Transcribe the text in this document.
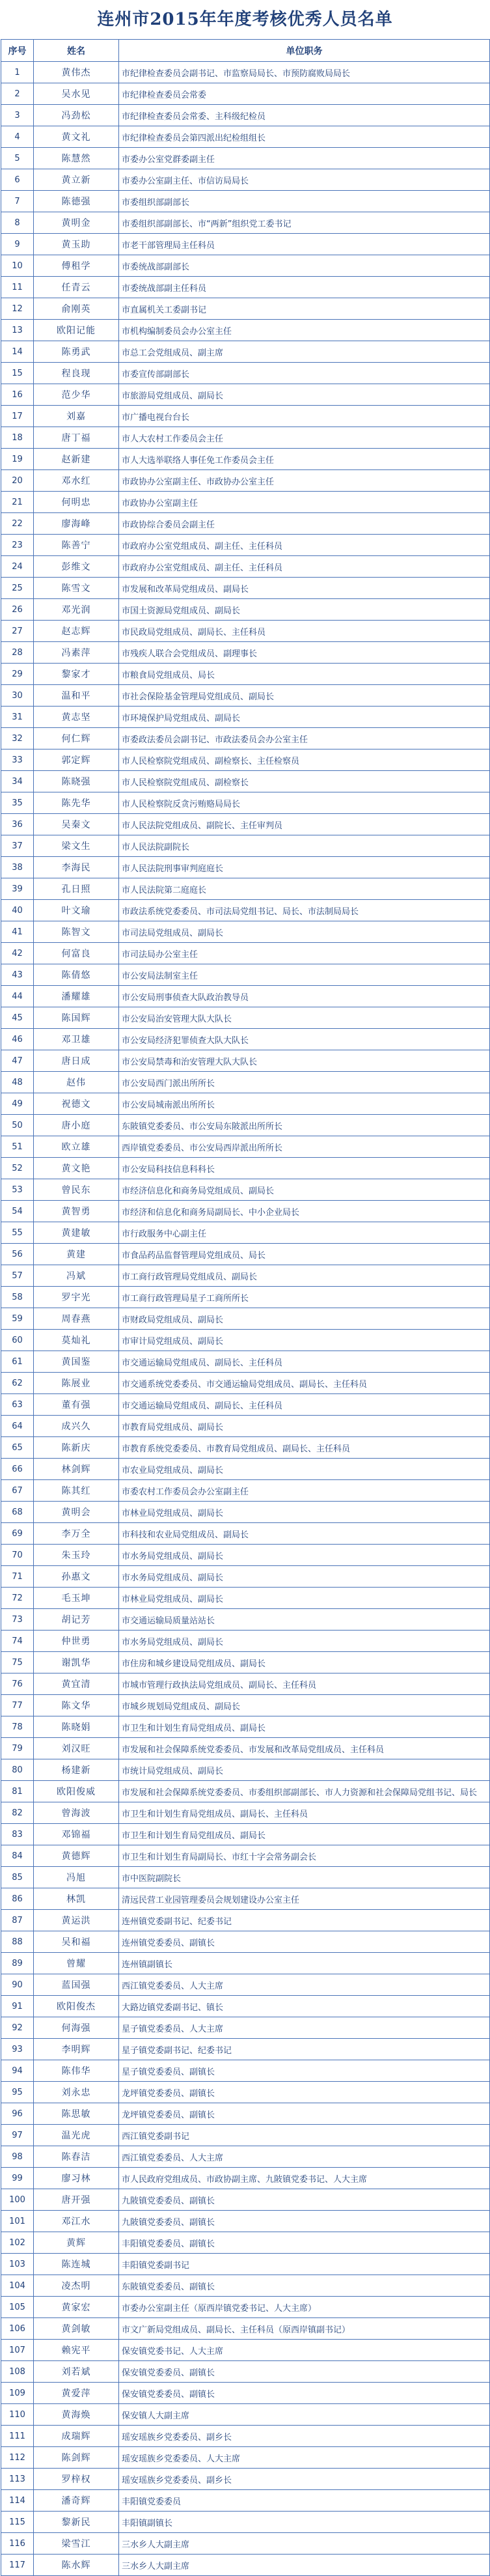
连州市2015年年度考核优秀人员名单
序号	姓名	单位职务
1	黄伟杰	市纪律检查委员会副书记、市监察局局长、市预防腐败局局长
2	吴水见	市纪律检查委员会常委
3	冯劲松	市纪律检查委员会常委、主科级纪检员
4	黄文礼	市纪律检查委员会第四派出纪检组组长
5	陈慧然	市委办公室党群委副主任
6	黄立新	市委办公室副主任、市信访局局长
7	陈德强	市委组织部副部长
8	黄明金	市委组织部副部长、市“两新”组织党工委书记
9	黄玉助	市老干部管理局主任科员
10	傅租学	市委统战部副部长
11	任青云	市委统战部副主任科员
12	俞刚英	市直属机关工委副书记
13	欧阳记能	市机构编制委员会办公室主任
14	陈勇武	市总工会党组成员、副主席
15	程良现	市委宣传部副部长
16	范少华	市旅游局党组成员、副局长
17	刘嘉	市广播电视台台长
18	唐丁福	市人大农村工作委员会主任
19	赵新建	市人大选举联络人事任免工作委员会主任
20	邓水红	市政协办公室副主任、市政协办公室主任
21	何明忠	市政协办公室副主任
22	廖海峰	市政协综合委员会副主任
23	陈善宁	市政府办公室党组成员、副主任、主任科员
24	彭维文	市政府办公室党组成员、副主任、主任科员
25	陈雪文	市发展和改革局党组成员、副局长
26	邓光润	市国土资源局党组成员、副局长
27	赵志辉	市民政局党组成员、副局长、主任科员
28	冯素萍	市残疾人联合会党组成员、副理事长
29	黎家才	市粮食局党组成员、局长
30	温和平	市社会保险基金管理局党组成员、副局长
31	黄志坚	市环境保护局党组成员、副局长
32	何仁辉	市委政法委员会副书记、市政法委员会办公室主任
33	郭定辉	市人民检察院党组成员、副检察长、主任检察员
34	陈晓强	市人民检察院党组成员、副检察长
35	陈先华	市人民检察院反贪污贿赂局局长
36	吴秦文	市人民法院党组成员、副院长、主任审判员
37	梁文生	市人民法院副院长
38	李海民	市人民法院刑事审判庭庭长
39	孔日照	市人民法院第二庭庭长
40	叶文瑜	市政法系统党委委员、市司法局党组书记、局长、市法制局局长
41	陈智文	市司法局党组成员、副局长
42	何富良	市司法局办公室主任
43	陈倩悠	市公安局法制室主任
44	潘耀雄	市公安局刑事侦查大队政治教导员
45	陈国辉	市公安局治安管理大队大队长
46	邓卫雄	市公安局经济犯罪侦查大队大队长
47	唐日成	市公安局禁毒和治安管理大队大队长
48	赵伟	市公安局西门派出所所长
49	祝德文	市公安局城南派出所所长
50	唐小庭	东陂镇党委委员、市公安局东陂派出所所长
51	欧立雄	西岸镇党委委员、市公安局西岸派出所所长
52	黄文艳	市公安局科技信息科科长
53	曾民东	市经济信息化和商务局党组成员、副局长
54	黄智勇	市经济和信息化和商务局副局长、中小企业局长
55	黄建敏	市行政服务中心副主任
56	黄建	市食品药品监督管理局党组成员、局长
57	冯斌	市工商行政管理局党组成员、副局长
58	罗宇光	市工商行政管理局星子工商所所长
59	周春燕	市财政局党组成员、副局长
60	莫灿礼	市审计局党组成员、副局长
61	黄国鉴	市交通运输局党组成员、副局长、主任科员
62	陈展业	市交通系统党委委员、市交通运输局党组成员、副局长、主任科员
63	董有强	市交通运输局党组成员、副局长、主任科员
64	成兴久	市教育局党组成员、副局长
65	陈新庆	市教育系统党委委员、市教育局党组成员、副局长、主任科员
66	林剑辉	市农业局党组成员、副局长
67	陈其红	市委农村工作委员会办公室副主任
68	黄明会	市林业局党组成员、副局长
69	李万全	市科技和农业局党组成员、副局长
70	朱玉玲	市水务局党组成员、副局长
71	孙惠文	市水务局党组成员、副局长
72	毛玉坤	市林业局党组成员、副局长
73	胡记芳	市交通运输局质量站站长
74	仲世勇	市水务局党组成员、副局长
75	谢凯华	市住房和城乡建设局党组成员、副局长
76	黄宜清	市城市管理行政执法局党组成员、副局长、主任科员
77	陈文华	市城乡规划局党组成员、副局长
78	陈晓娟	市卫生和计划生育局党组成员、副局长
79	刘汉旺	市发展和社会保障系统党委委员、市发展和改革局党组成员、主任科员
80	杨建新	市统计局党组成员、副局长
81	欧阳俊威	市发展和社会保障系统党委委员、市委组织部副部长、市人力资源和社会保障局党组书记、局长
82	曾海波	市卫生和计划生育局党组成员、副局长、主任科员
83	邓锦福	市卫生和计划生育局党组成员、副局长
84	黄德辉	市卫生和计划生育局副局长、市红十字会常务副会长
85	冯旭	市中医院副院长
86	林凯	清远民营工业园管理委员会规划建设办公室主任
87	黄运洪	连州镇党委副书记、纪委书记
88	吴和福	连州镇党委委员、副镇长
89	曾耀	连州镇副镇长
90	蓝国强	西江镇党委委员、人大主席
91	欧阳俊杰	大路边镇党委副书记、镇长
92	何海强	星子镇党委委员、人大主席
93	李明辉	星子镇党委副书记、纪委书记
94	陈伟华	星子镇党委委员、副镇长
95	刘永忠	龙坪镇党委委员、副镇长
96	陈思敏	龙坪镇党委委员、副镇长
97	温光虎	西江镇党委副书记
98	陈春洁	西江镇党委委员、人大主席
99	廖习林	市人民政府党组成员、市政协副主席、九陂镇党委书记、人大主席
100	唐开强	九陂镇党委委员、副镇长
101	邓江水	九陂镇党委委员、副镇长
102	黄辉	丰阳镇党委委员、副镇长
103	陈连城	丰阳镇党委副书记
104	凌杰明	东陂镇党委委员、副镇长
105	黄家宏	市委办公室副主任（原西岸镇党委书记、人大主席）
106	黄剑敏	市文广新局党组成员、副局长、主任科员（原西岸镇副书记）
107	赖宪平	保安镇党委书记、人大主席
108	刘若斌	保安镇党委委员、副镇长
109	黄爱萍	保安镇党委委员、副镇长
110	黄海焕	保安镇人大副主席
111	成瑞辉	瑶安瑶族乡党委委员、副乡长
112	陈剑辉	瑶安瑶族乡党委委员、人大主席
113	罗梓权	瑶安瑶族乡党委委员、副乡长
114	潘奇辉	丰阳镇党委委员
115	黎新民	丰阳镇副镇长
116	梁雪江	三水乡人大副主席
117	陈水辉	三水乡人大副主席
